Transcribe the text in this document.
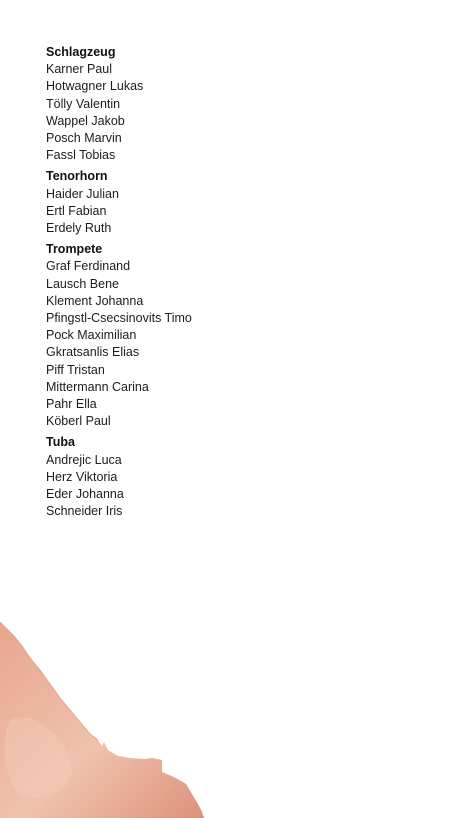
Schlagzeug
Karner Paul
Hotwagner Lukas
Tölly Valentin
Wappel Jakob
Posch Marvin
Fassl Tobias
Tenorhorn
Haider Julian
Ertl Fabian
Erdely Ruth
Trompete
Graf Ferdinand
Lausch Bene
Klement Johanna
Pfingstl-Csecsinovits Timo
Pock Maximilian
Gkratsanlis Elias
Piff Tristan
Mittermann Carina
Pahr Ella
Köberl Paul
Tuba
Andrejic Luca
Herz Viktoria
Eder Johanna
Schneider Iris
